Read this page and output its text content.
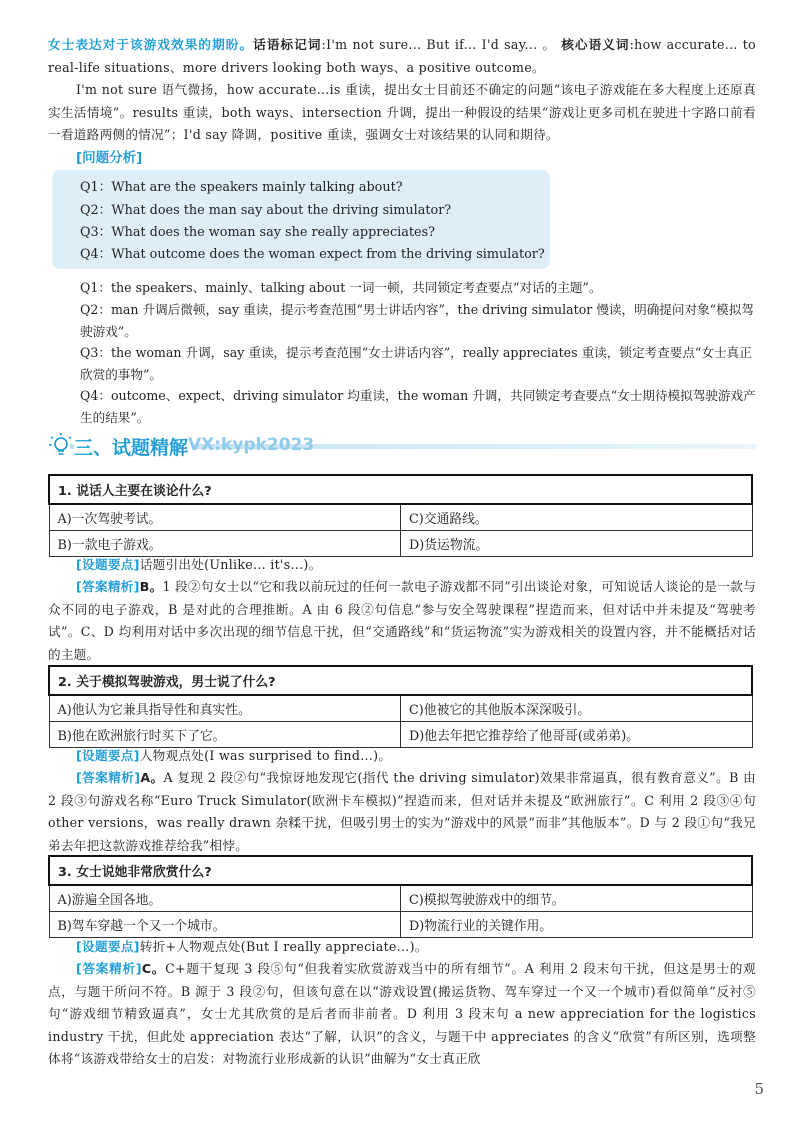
女士表达对于该游戏效果的期盼。话语标记词:I'm not sure... But if... I'd say... 。 核心语义词:how accurate... to real-life situations、more drivers looking both ways、a positive outcome。

I'm not sure 语气微扬，how accurate...is 重读，提出女士目前还不确定的问题“该电子游戏能在多大程度上还原真实生活情境”。results 重读，both ways、intersection 升调，提出一种假设的结果“游戏让更多司机在驶进十字路口前看一看道路两侧的情况”；I'd say 降调，positive 重读，强调女士对该结果的认同和期待。

[问题分析]
Q1：What are the speakers mainly talking about?
Q2：What does the man say about the driving simulator?
Q3：What does the woman say she really appreciates?
Q4：What outcome does the woman expect from the driving simulator?
Q1：the speakers、mainly、talking about 一词一顿，共同锁定考查要点“对话的主题”。
Q2：man 升调后微顿，say 重读，提示考查范围“男士讲话内容”，the driving simulator 慢读，明确提问对象“模拟驾驶游戏”。
Q3：the woman 升调，say 重读，提示考查范围“女士讲话内容”，really appreciates 重读，锁定考查要点“女士真正欣赏的事物”。
Q4：outcome、expect、driving simulator 均重读，the woman 升调，共同锁定考查要点“女士期待模拟驾驶游戏产生的结果”。
三、试题精解 VX:kypk2023
1. 说话人主要在谈论什么?	
A)一次驾驶考试。	C)交通路线。
B)一款电子游戏。	D)货运物流。
[设题要点]话题引出处(Unlike... it's...)。

[答案精析]B。1 段②句女士以“它和我以前玩过的任何一款电子游戏都不同”引出谈论对象，可知说话人谈论的是一款与众不同的电子游戏，B 是对此的合理推断。A 由 6 段②句信息“参与安全驾驶课程”捏造而来，但对话中并未提及“驾驶考试”。C、D 均利用对话中多次出现的细节信息干扰，但“交通路线”和“货运物流”实为游戏相关的设置内容，并不能概括对话的主题。

2. 关于模拟驾驶游戏，男士说了什么?	
A)他认为它兼具指导性和真实性。	C)他被它的其他版本深深吸引。
B)他在欧洲旅行时买下了它。	D)他去年把它推荐给了他哥哥(或弟弟)。
[设题要点]人物观点处(I was surprised to find...)。

[答案精析]A。A 复现 2 段②句“我惊讶地发现它(指代 the driving simulator)效果非常逼真，很有教育意义”。B 由 2 段③句游戏名称“Euro Truck Simulator(欧洲卡车模拟)”捏造而来，但对话并未提及“欧洲旅行”。C 利用 2 段③④句 other versions，was really drawn 杂糅干扰，但吸引男士的实为“游戏中的风景”而非“其他版本”。D 与 2 段①句“我兄弟去年把这款游戏推荐给我”相悖。

3. 女士说她非常欣赏什么?	
A)游遍全国各地。	C)模拟驾驶游戏中的细节。
B)驾车穿越一个又一个城市。	D)物流行业的关键作用。
[设题要点]转折+人物观点处(But I really appreciate...)。

[答案精析]C。C+题干复现 3 段⑤句“但我着实欣赏游戏当中的所有细节”。A 利用 2 段末句干扰，但这是男士的观点，与题干所问不符。B 源于 3 段②句，但该句意在以“游戏设置(搬运货物、驾车穿过一个又一个城市)看似简单”反衬⑤句“游戏细节精致逼真”，女士尤其欣赏的是后者而非前者。D 利用 3 段末句 a new appreciation for the logistics industry 干扰，但此处 appreciation 表达“了解，认识”的含义，与题干中 appreciates 的含义“欣赏”有所区别，选项整体将“该游戏带给女士的启发：对物流行业形成新的认识”曲解为“女士真正欣

5
